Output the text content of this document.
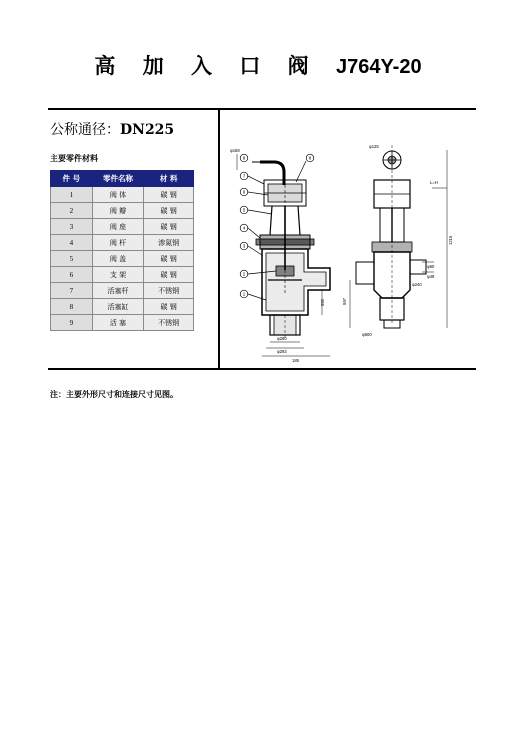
高 加 入 口 阀 J764Y-20
公称通径：DN225
主要零件材料
件 号	零件名称	材 料
1	阀 体	碳 钢
2	阀 瓣	碳 钢
3	阀 座	碳 钢
4	阀 杆	渗氮钢
5	阀 盖	碳 钢
6	支 架	碳 钢
7	活塞杆	不锈钢
8	活塞缸	碳 钢
9	活 塞	不锈钢
9	8
7
6
5
4
3
2
1
φ168
φ260
φ292
185
550
φ125
L=H
1216
597
φ60
φ48
φ240
φ600
注：主要外形尺寸和连接尺寸见图。
